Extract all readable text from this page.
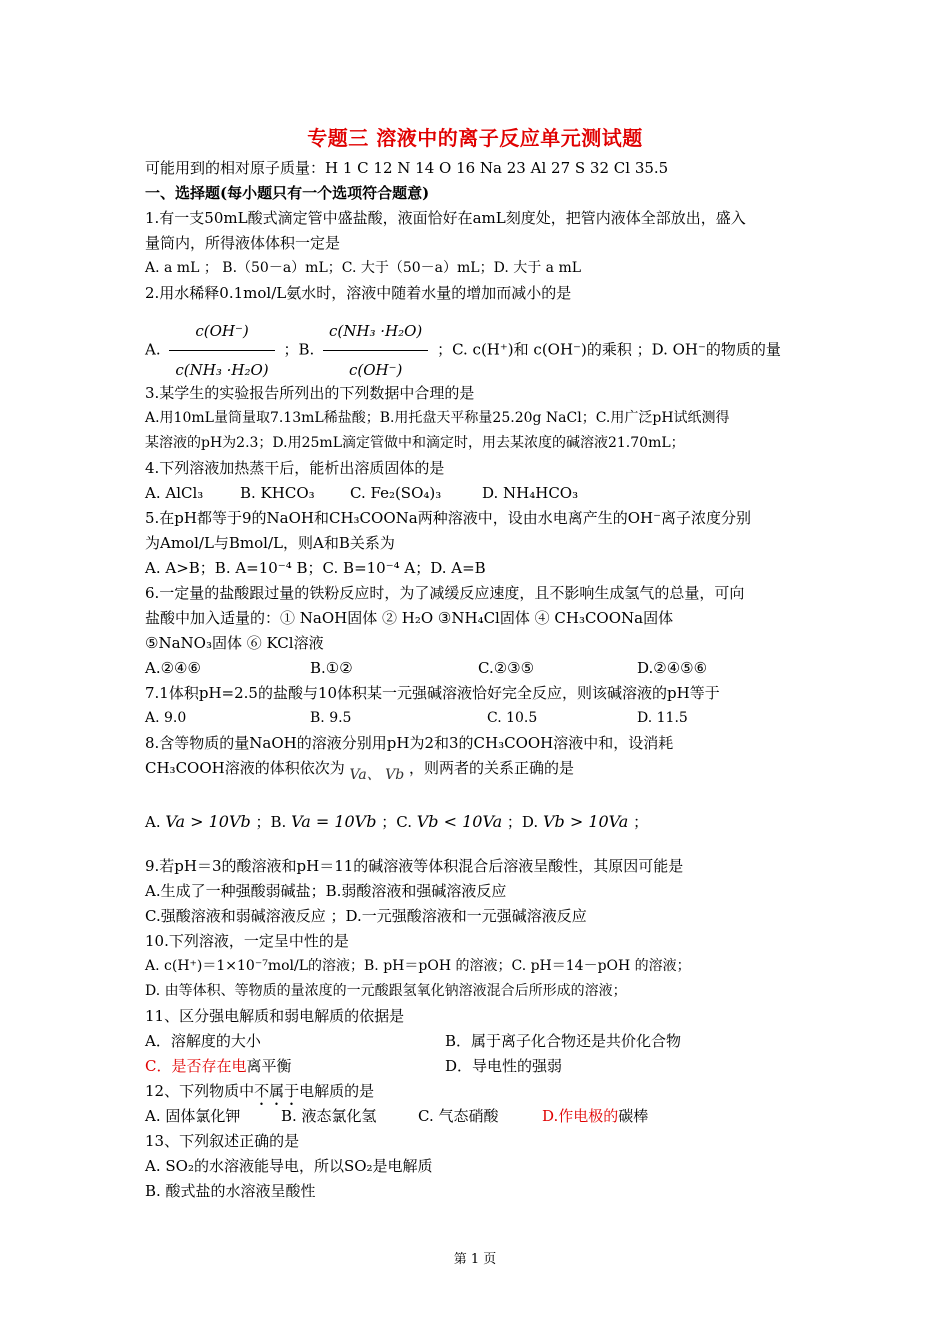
专题三 溶液中的离子反应单元测试题
可能用到的相对原子质量：H 1 C 12 N 14 O 16 Na 23 Al 27 S 32 Cl 35.5
一、选择题(每小题只有一个选项符合题意)
1.有一支50mL酸式滴定管中盛盐酸，液面恰好在amL刻度处，把管内液体全部放出，盛入
量筒内，所得液体体积一定是
A. a mL ； B.（50－a）mL；C. 大于（50－a）mL；D. 大于 a mL
2.用水稀释0.1mol/L氨水时，溶液中随着水量的增加而减小的是
A. $\frac{c(OH^-)}{\text{c(NH₃ ·H₂O)}}$ ；B. $\frac{\text{c(NH₃ ·H₂O)}}{c(OH^-)}$ ；C. c(H⁺)和 c(OH⁻)的乘积 ；D. OH⁻的物质的量
3.某学生的实验报告所列出的下列数据中合理的是
A.用10mL量筒量取7.13mL稀盐酸；B.用托盘天平称量25.20g NaCl；C.用广泛pH试纸测得
某溶液的pH为2.3；D.用25mL滴定管做中和滴定时，用去某浓度的碱溶液21.70mL；
4.下列溶液加热蒸干后，能析出溶质固体的是
A. AlCl₃ B. KHCO₃ C. Fe₂(SO₄)₃	D. NH₄HCO₃
5.在pH都等于9的NaOH和CH₃COONa两种溶液中，设由水电离产生的OH⁻离子浓度分别
为Amol/L与Bmol/L，则A和B关系为
A. A>B；B. A=10⁻⁴ B；C. B=10⁻⁴ A；D. A=B
6.一定量的盐酸跟过量的铁粉反应时，为了减缓反应速度，且不影响生成氢气的总量，可向
盐酸中加入适量的：① NaOH固体 ② H₂O ③NH₄Cl固体 ④ CH₃COONa固体
⑤NaNO₃固体 ⑥ KCl溶液
A.②④⑥	B.①②	C.②③⑤	D.②④⑤⑥
7.1体积pH=2.5的盐酸与10体积某一元强碱溶液恰好完全反应，则该碱溶液的pH等于
A. 9.0	B. 9.5	C. 10.5	D. 11.5
8.含等物质的量NaOH的溶液分别用pH为2和3的CH₃COOH溶液中和，设消耗
CH₃COOH溶液的体积依次为 Va、 Vb ，则两者的关系正确的是
A. Va > 10Vb ；B. Va = 10Vb ；C. Vb < 10Va ；D. Vb > 10Va ；
9.若pH＝3的酸溶液和pH＝11的碱溶液等体积混合后溶液呈酸性，其原因可能是
A.生成了一种强酸弱碱盐；B.弱酸溶液和强碱溶液反应
C.强酸溶液和弱碱溶液反应 ；D.一元强酸溶液和一元强碱溶液反应
10.下列溶液，一定呈中性的是
A. c(H⁺)＝1×10⁻⁷mol/L的溶液；B. pH＝pOH 的溶液；C. pH＝14－pOH 的溶液；
D. 由等体积、等物质的量浓度的一元酸跟氢氧化钠溶液混合后所形成的溶液；
11、区分强电解质和弱电解质的依据是
A．溶解度的大小	B．属于离子化合物还是共价化合物
C．是否存在电离平衡	D．导电性的强弱
12、下列物质中不属于电解质的是
A. 固体氯化钾	B. 液态氯化氢	C. 气态硝酸	D.作电极的碳棒
13、下列叙述正确的是
A. SO₂的水溶液能导电，所以SO₂是电解质
B. 酸式盐的水溶液呈酸性
第 1 页
